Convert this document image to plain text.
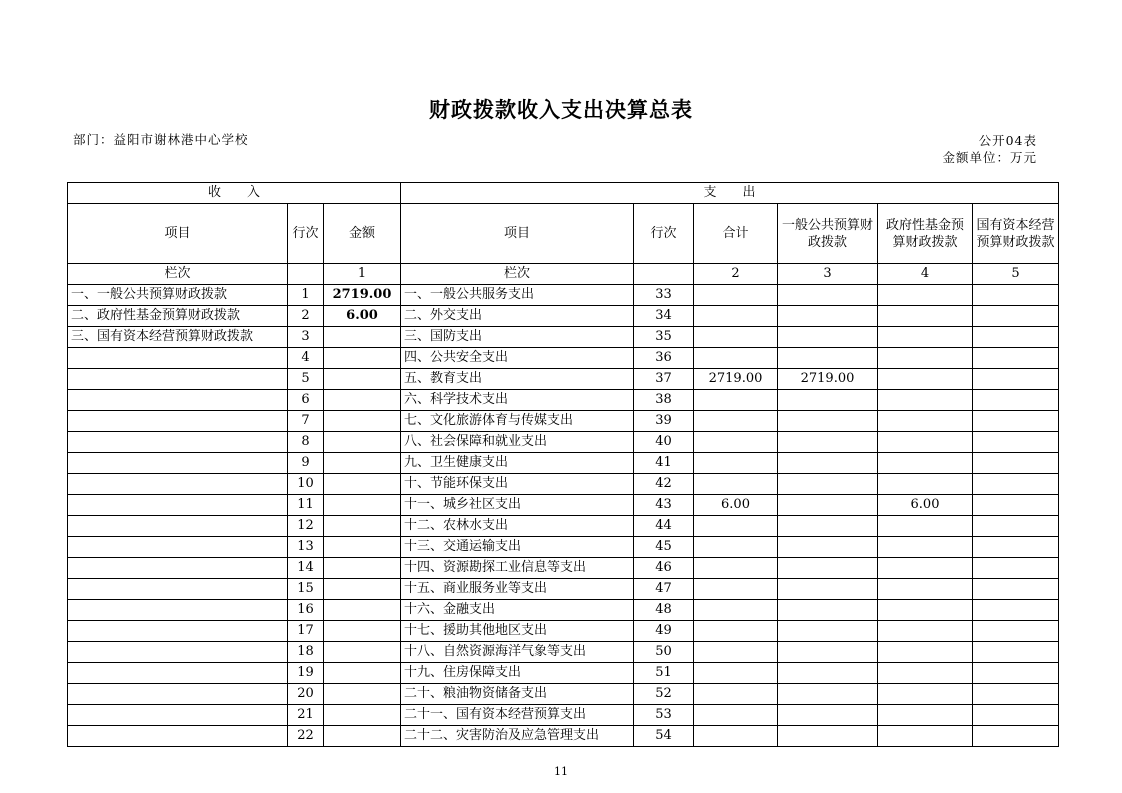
财政拨款收入支出决算总表
部门：益阳市谢林港中心学校	公开04表
金额单位：万元
收　　入			支　　出					
项目	行次	金额	项目	行次	合计	一般公共预算财政拨款	政府性基金预算财政拨款	国有资本经营预算财政拨款
栏次		1	栏次		2	3	4	5
一、一般公共预算财政拨款	1	2719.00	一、一般公共服务支出	33				
二、政府性基金预算财政拨款	2	6.00	二、外交支出	34				
三、国有资本经营预算财政拨款	3		三、国防支出	35				
	4		四、公共安全支出	36				
	5		五、教育支出	37	2719.00	2719.00		
	6		六、科学技术支出	38				
	7		七、文化旅游体育与传媒支出	39				
	8		八、社会保障和就业支出	40				
	9		九、卫生健康支出	41				
	10		十、节能环保支出	42				
	11		十一、城乡社区支出	43	6.00		6.00	
	12		十二、农林水支出	44				
	13		十三、交通运输支出	45				
	14		十四、资源勘探工业信息等支出	46				
	15		十五、商业服务业等支出	47				
	16		十六、金融支出	48				
	17		十七、援助其他地区支出	49				
	18		十八、自然资源海洋气象等支出	50				
	19		十九、住房保障支出	51				
	20		二十、粮油物资储备支出	52				
	21		二十一、国有资本经营预算支出	53				
	22		二十二、灾害防治及应急管理支出	54				
11
